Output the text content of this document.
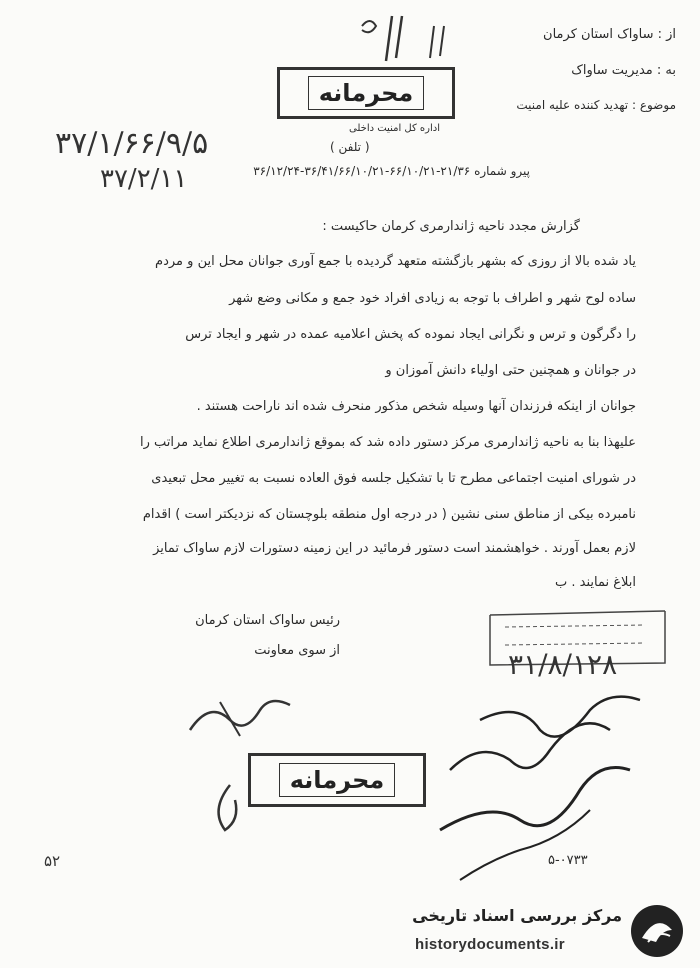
از : ساواک استان کرمان
به : مدیریت ساواک
موضوع : تهدید کننده علیه امنیت
محرمانه
اداره کل امنیت داخلی
( تلفن )
۳۷/۱/۶۶/۹/۵
۳۷/۲/۱۱	پیرو شماره ۲۱/۳۶-۶۶/۱۰/۲۱-۳۶/۴۱/۶۶/۱۰/۲۱-۳۶/۱۲/۲۴
گزارش مجدد ناحیه ژاندارمری کرمان حاکیست :
یاد شده بالا از روزی که بشهر بازگشته متعهد گردیده با جمع آوری جوانان محل این و مردم
ساده لوح شهر و اطراف با توجه به زیادی افراد خود جمع و مکانی وضع شهر
را دگرگون و ترس و نگرانی ایجاد نموده که پخش اعلامیه عمده در شهر و ایجاد ترس
در جوانان و همچنین حتی اولیاء دانش آموزان و
جوانان از اینکه فرزندان آنها وسیله شخص مذکور منحرف شده اند ناراحت هستند .
علیهذا بنا به ناحیه ژاندارمری مرکز دستور داده شد که بموقع ژاندارمری اطلاع نماید مراتب را
در شورای امنیت اجتماعی مطرح تا با تشکیل جلسه فوق العاده نسبت به تغییر محل تبعیدی
نامبرده بیکی از مناطق سنی نشین ( در درجه اول منطقه بلوچستان که نزدیکتر است ) اقدام
لازم بعمل آورند . خواهشمند است دستور فرمائید در این زمینه دستورات لازم ساواک تمایز
ابلاغ نمایند . ب
رئیس ساواک استان کرمان
از سوی معاونت	۳۱/۸/۱۲۸
محرمانه
۵-۰۷۳۳
۵۲
مرکز بررسی اسناد تاریخی
historydocuments.ir
